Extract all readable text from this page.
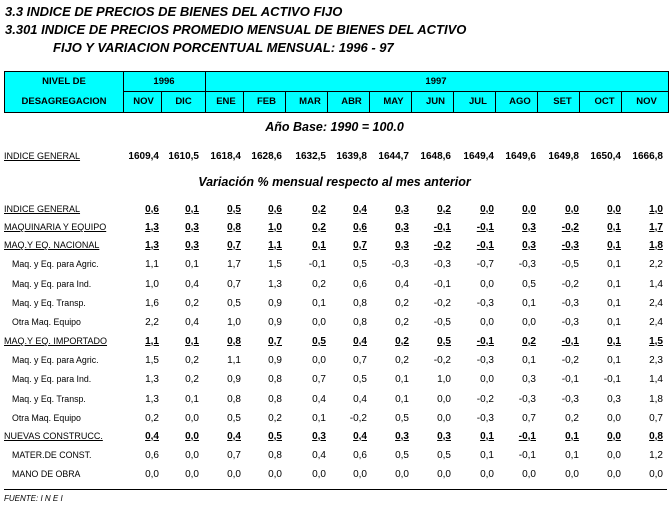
3.3 INDICE DE PRECIOS DE BIENES DEL ACTIVO FIJO
3.301 INDICE DE PRECIOS PROMEDIO MENSUAL DE BIENES DEL ACTIVO
FIJO Y VARIACION PORCENTUAL MENSUAL: 1996 - 97
NIVEL DE
DESAGREGACION
1996	1997
NOV	DIC	ENE	FEB	MAR	ABR	MAY	JUN	JUL	AGO	SET	OCT	NOV
Año Base: 1990 = 100.0
Variación % mensual respecto al mes anterior
FUENTE: I N E I
INDICE GENERAL	1609,4 1610,5	1618,4	1628,6	1632,5	1639,8	1644,7	1648,6	1649,4	1649,6	1649,8	1650,4	1666,8
INDICE GENERAL	0,6	0,1	0,5	0,6	0,2	0,4	0,3	0,2	0,0	0,0	0,0	0,0	1,0
MAQUINARIA Y EQUIPO	1,3	0,3	0,8	1,0	0,2	0,6	0,3	-0,1	-0,1	0,3	-0,2	0,1	1,7
MAQ.Y EQ. NACIONAL	1,3	0,3	0,7	1,1	0,1	0,7	0,3	-0,2	-0,1	0,3	-0,3	0,1	1,8
Maq. y Eq. para Agric.	1,1	0,1	1,7	1,5	-0,1	0,5	-0,3	-0,3	-0,7	-0,3	-0,5	0,1	2,2
Maq. y Eq. para Ind.	1,0	0,4	0,7	1,3	0,2	0,6	0,4	-0,1	0,0	0,5	-0,2	0,1	1,4
Maq. y Eq. Transp.	1,6	0,2	0,5	0,9	0,1	0,8	0,2	-0,2	-0,3	0,1	-0,3	0,1	2,4
Otra Maq. Equipo	2,2	0,4	1,0	0,9	0,0	0,8	0,2	-0,5	0,0	0,0	-0,3	0,1	2,4
MAQ.Y EQ. IMPORTADO	1,1	0,1	0,8	0,7	0,5	0,4	0,2	0,5	-0,1	0,2	-0,1	0,1	1,5
Maq. y Eq. para Agric.	1,5	0,2	1,1	0,9	0,0	0,7	0,2	-0,2	-0,3	0,1	-0,2	0,1	2,3
Maq. y Eq. para Ind.	1,3	0,2	0,9	0,8	0,7	0,5	0,1	1,0	0,0	0,3	-0,1	-0,1	1,4
Maq. y Eq. Transp.	1,3	0,1	0,8	0,8	0,4	0,4	0,1	0,0	-0,2	-0,3	-0,3	0,3	1,8
Otra Maq. Equipo	0,2	0,0	0,5	0,2	0,1	-0,2	0,5	0,0	-0,3	0,7	0,2	0,0	0,7
NUEVAS CONSTRUCC.	0,4	0,0	0,4	0,5	0,3	0,4	0,3	0,3	0,1	-0,1	0,1	0,0	0,8
MATER.DE CONST.	0,6	0,0	0,7	0,8	0,4	0,6	0,5	0,5	0,1	-0,1	0,1	0,0	1,2
MANO DE OBRA	0,0	0,0	0,0	0,0	0,0	0,0	0,0	0,0	0,0	0,0	0,0	0,0	0,0
